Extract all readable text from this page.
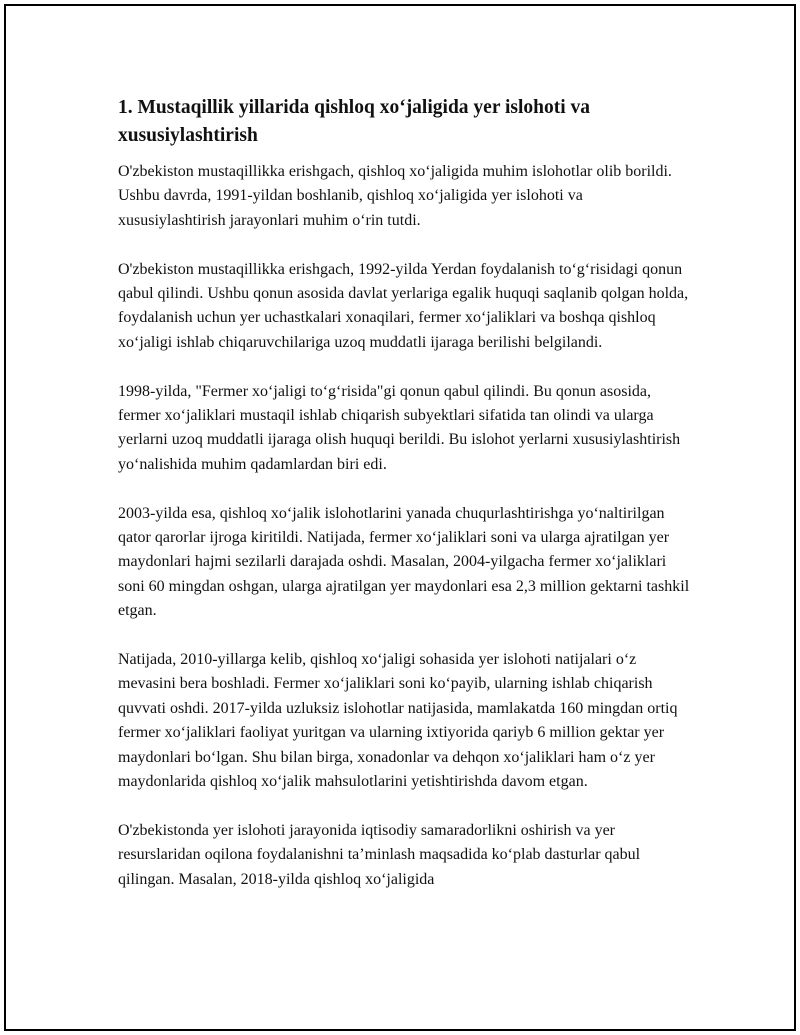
1. Mustaqillik yillarida qishloq xo‘jaligida yer islohoti va xususiylashtirish

O'zbekiston mustaqillikka erishgach, qishloq xo‘jaligida muhim islohotlar olib borildi. Ushbu davrda, 1991-yildan boshlanib, qishloq xo‘jaligida yer islohoti va xususiylashtirish jarayonlari muhim o‘rin tutdi.

O'zbekiston mustaqillikka erishgach, 1992-yilda Yerdan foydalanish to‘g‘risidagi qonun qabul qilindi. Ushbu qonun asosida davlat yerlariga egalik huquqi saqlanib qolgan holda, foydalanish uchun yer uchastkalari xonaqilari, fermer xo‘jaliklari va boshqa qishloq xo‘jaligi ishlab chiqaruvchilariga uzoq muddatli ijaraga berilishi belgilandi.

1998-yilda, "Fermer xo‘jaligi to‘g‘risida"gi qonun qabul qilindi. Bu qonun asosida, fermer xo‘jaliklari mustaqil ishlab chiqarish subyektlari sifatida tan olindi va ularga yerlarni uzoq muddatli ijaraga olish huquqi berildi. Bu islohot yerlarni xususiylashtirish yo‘nalishida muhim qadamlardan biri edi.

2003-yilda esa, qishloq xo‘jalik islohotlarini yanada chuqurlashtirishga yo‘naltirilgan qator qarorlar ijroga kiritildi. Natijada, fermer xo‘jaliklari soni va ularga ajratilgan yer maydonlari hajmi sezilarli darajada oshdi. Masalan, 2004-yilgacha fermer xo‘jaliklari soni 60 mingdan oshgan, ularga ajratilgan yer maydonlari esa 2,3 million gektarni tashkil etgan.

Natijada, 2010-yillarga kelib, qishloq xo‘jaligi sohasida yer islohoti natijalari o‘z mevasini bera boshladi. Fermer xo‘jaliklari soni ko‘payib, ularning ishlab chiqarish quvvati oshdi. 2017-yilda uzluksiz islohotlar natijasida, mamlakatda 160 mingdan ortiq fermer xo‘jaliklari faoliyat yuritgan va ularning ixtiyorida qariyb 6 million gektar yer maydonlari bo‘lgan. Shu bilan birga, xonadonlar va dehqon xo‘jaliklari ham o‘z yer maydonlarida qishloq xo‘jalik mahsulotlarini yetishtirishda davom etgan.

O'zbekistonda yer islohoti jarayonida iqtisodiy samaradorlikni oshirish va yer resurslaridan oqilona foydalanishni ta’minlash maqsadida ko‘plab dasturlar qabul qilingan. Masalan, 2018-yilda qishloq xo‘jaligida
